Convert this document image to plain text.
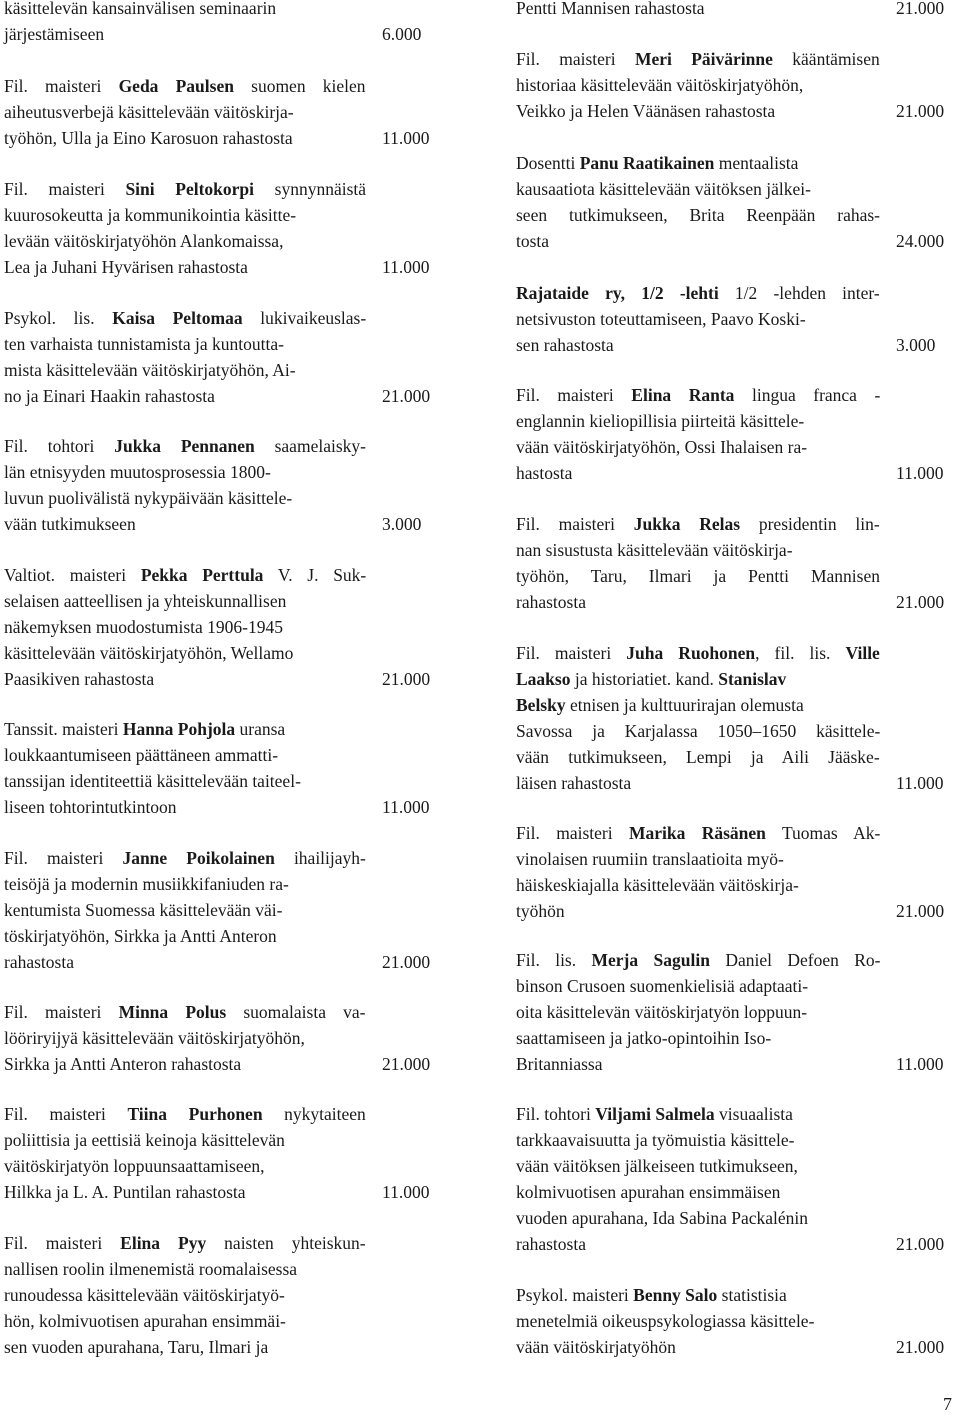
käsittelevän kansainvälisen seminaarin
järjestämiseen	6.000
Fil. maisteri Geda Paulsen suomen kielen
aiheutusverbejä käsittelevään väitöskirja-
työhön, Ulla ja Eino Karosuon rahastosta	11.000
Fil. maisteri Sini Peltokorpi synnynnäistä
kuurosokeutta ja kommunikointia käsitte-
levään väitöskirjatyöhön Alankomaissa,
Lea ja Juhani Hyvärisen rahastosta	11.000
Psykol. lis. Kaisa Peltomaa lukivaikeuslas-
ten varhaista tunnistamista ja kuntoutta-
mista käsittelevään väitöskirjatyöhön, Ai-
no ja Einari Haakin rahastosta	21.000
Fil. tohtori Jukka Pennanen saamelaisky-
län etnisyyden muutosprosessia 1800-
luvun puolivälistä nykypäivään käsittele-
vään tutkimukseen	3.000
Valtiot. maisteri Pekka Perttula V. J. Suk-
selaisen aatteellisen ja yhteiskunnallisen
näkemyksen muodostumista 1906-1945
käsittelevään väitöskirjatyöhön, Wellamo
Paasikiven rahastosta	21.000
Tanssit. maisteri Hanna Pohjola uransa
loukkaantumiseen päättäneen ammatti-
tanssijan identiteettiä käsittelevään taiteel-
liseen tohtorintutkintoon	11.000
Fil. maisteri Janne Poikolainen ihailijayh-
teisöjä ja modernin musiikkifaniuden ra-
kentumista Suomessa käsittelevään väi-
töskirjatyöhön, Sirkka ja Antti Anteron
rahastosta	21.000
Fil. maisteri Minna Polus suomalaista va-
lööriryijyä käsittelevään väitöskirjatyöhön,
Sirkka ja Antti Anteron rahastosta	21.000
Fil. maisteri Tiina Purhonen nykytaiteen
poliittisia ja eettisiä keinoja käsittelevän
väitöskirjatyön loppuunsaattamiseen,
Hilkka ja L. A. Puntilan rahastosta	11.000
Fil. maisteri Elina Pyy naisten yhteiskun-
nallisen roolin ilmenemistä roomalaisessa
runoudessa käsittelevään väitöskirjatyö-
hön, kolmivuotisen apurahan ensimmäi-
sen vuoden apurahana, Taru, Ilmari ja
Pentti Mannisen rahastosta	21.000
Fil. maisteri Meri Päivärinne kääntämisen
historiaa käsittelevään väitöskirjatyöhön,
Veikko ja Helen Väänäsen rahastosta	21.000
Dosentti Panu Raatikainen mentaalista
kausaatiota käsittelevään väitöksen jälkei-
seen tutkimukseen, Brita Reenpään rahas-
tosta	24.000
Rajataide ry, 1/2 -lehti 1/2 -lehden inter-
netsivuston toteuttamiseen, Paavo Koski-
sen rahastosta	3.000
Fil. maisteri Elina Ranta lingua franca -
englannin kieliopillisia piirteitä käsittele-
vään väitöskirjatyöhön, Ossi Ihalaisen ra-
hastosta	11.000
Fil. maisteri Jukka Relas presidentin lin-
nan sisustusta käsittelevään väitöskirja-
työhön, Taru, Ilmari ja Pentti Mannisen
rahastosta	21.000
Fil. maisteri Juha Ruohonen, fil. lis. Ville
Laakso ja historiatiet. kand. Stanislav
Belsky etnisen ja kulttuurirajan olemusta
Savossa ja Karjalassa 1050–1650 käsittele-
vään tutkimukseen, Lempi ja Aili Jääske-
läisen rahastosta	11.000
Fil. maisteri Marika Räsänen Tuomas Ak-
vinolaisen ruumiin translaatioita myö-
häiskeskiajalla käsittelevään väitöskirja-
työhön	21.000
Fil. lis. Merja Sagulin Daniel Defoen Ro-
binson Crusoen suomenkielisiä adaptaati-
oita käsittelevän väitöskirjatyön loppuun-
saattamiseen ja jatko-opintoihin Iso-
Britanniassa	11.000
Fil. tohtori Viljami Salmela visuaalista
tarkkaavaisuutta ja työmuistia käsittele-
vään väitöksen jälkeiseen tutkimukseen,
kolmivuotisen apurahan ensimmäisen
vuoden apurahana, Ida Sabina Packalénin
rahastosta	21.000
Psykol. maisteri Benny Salo statistisia
menetelmiä oikeuspsykologiassa käsittele-
vään väitöskirjatyöhön	21.000
7
